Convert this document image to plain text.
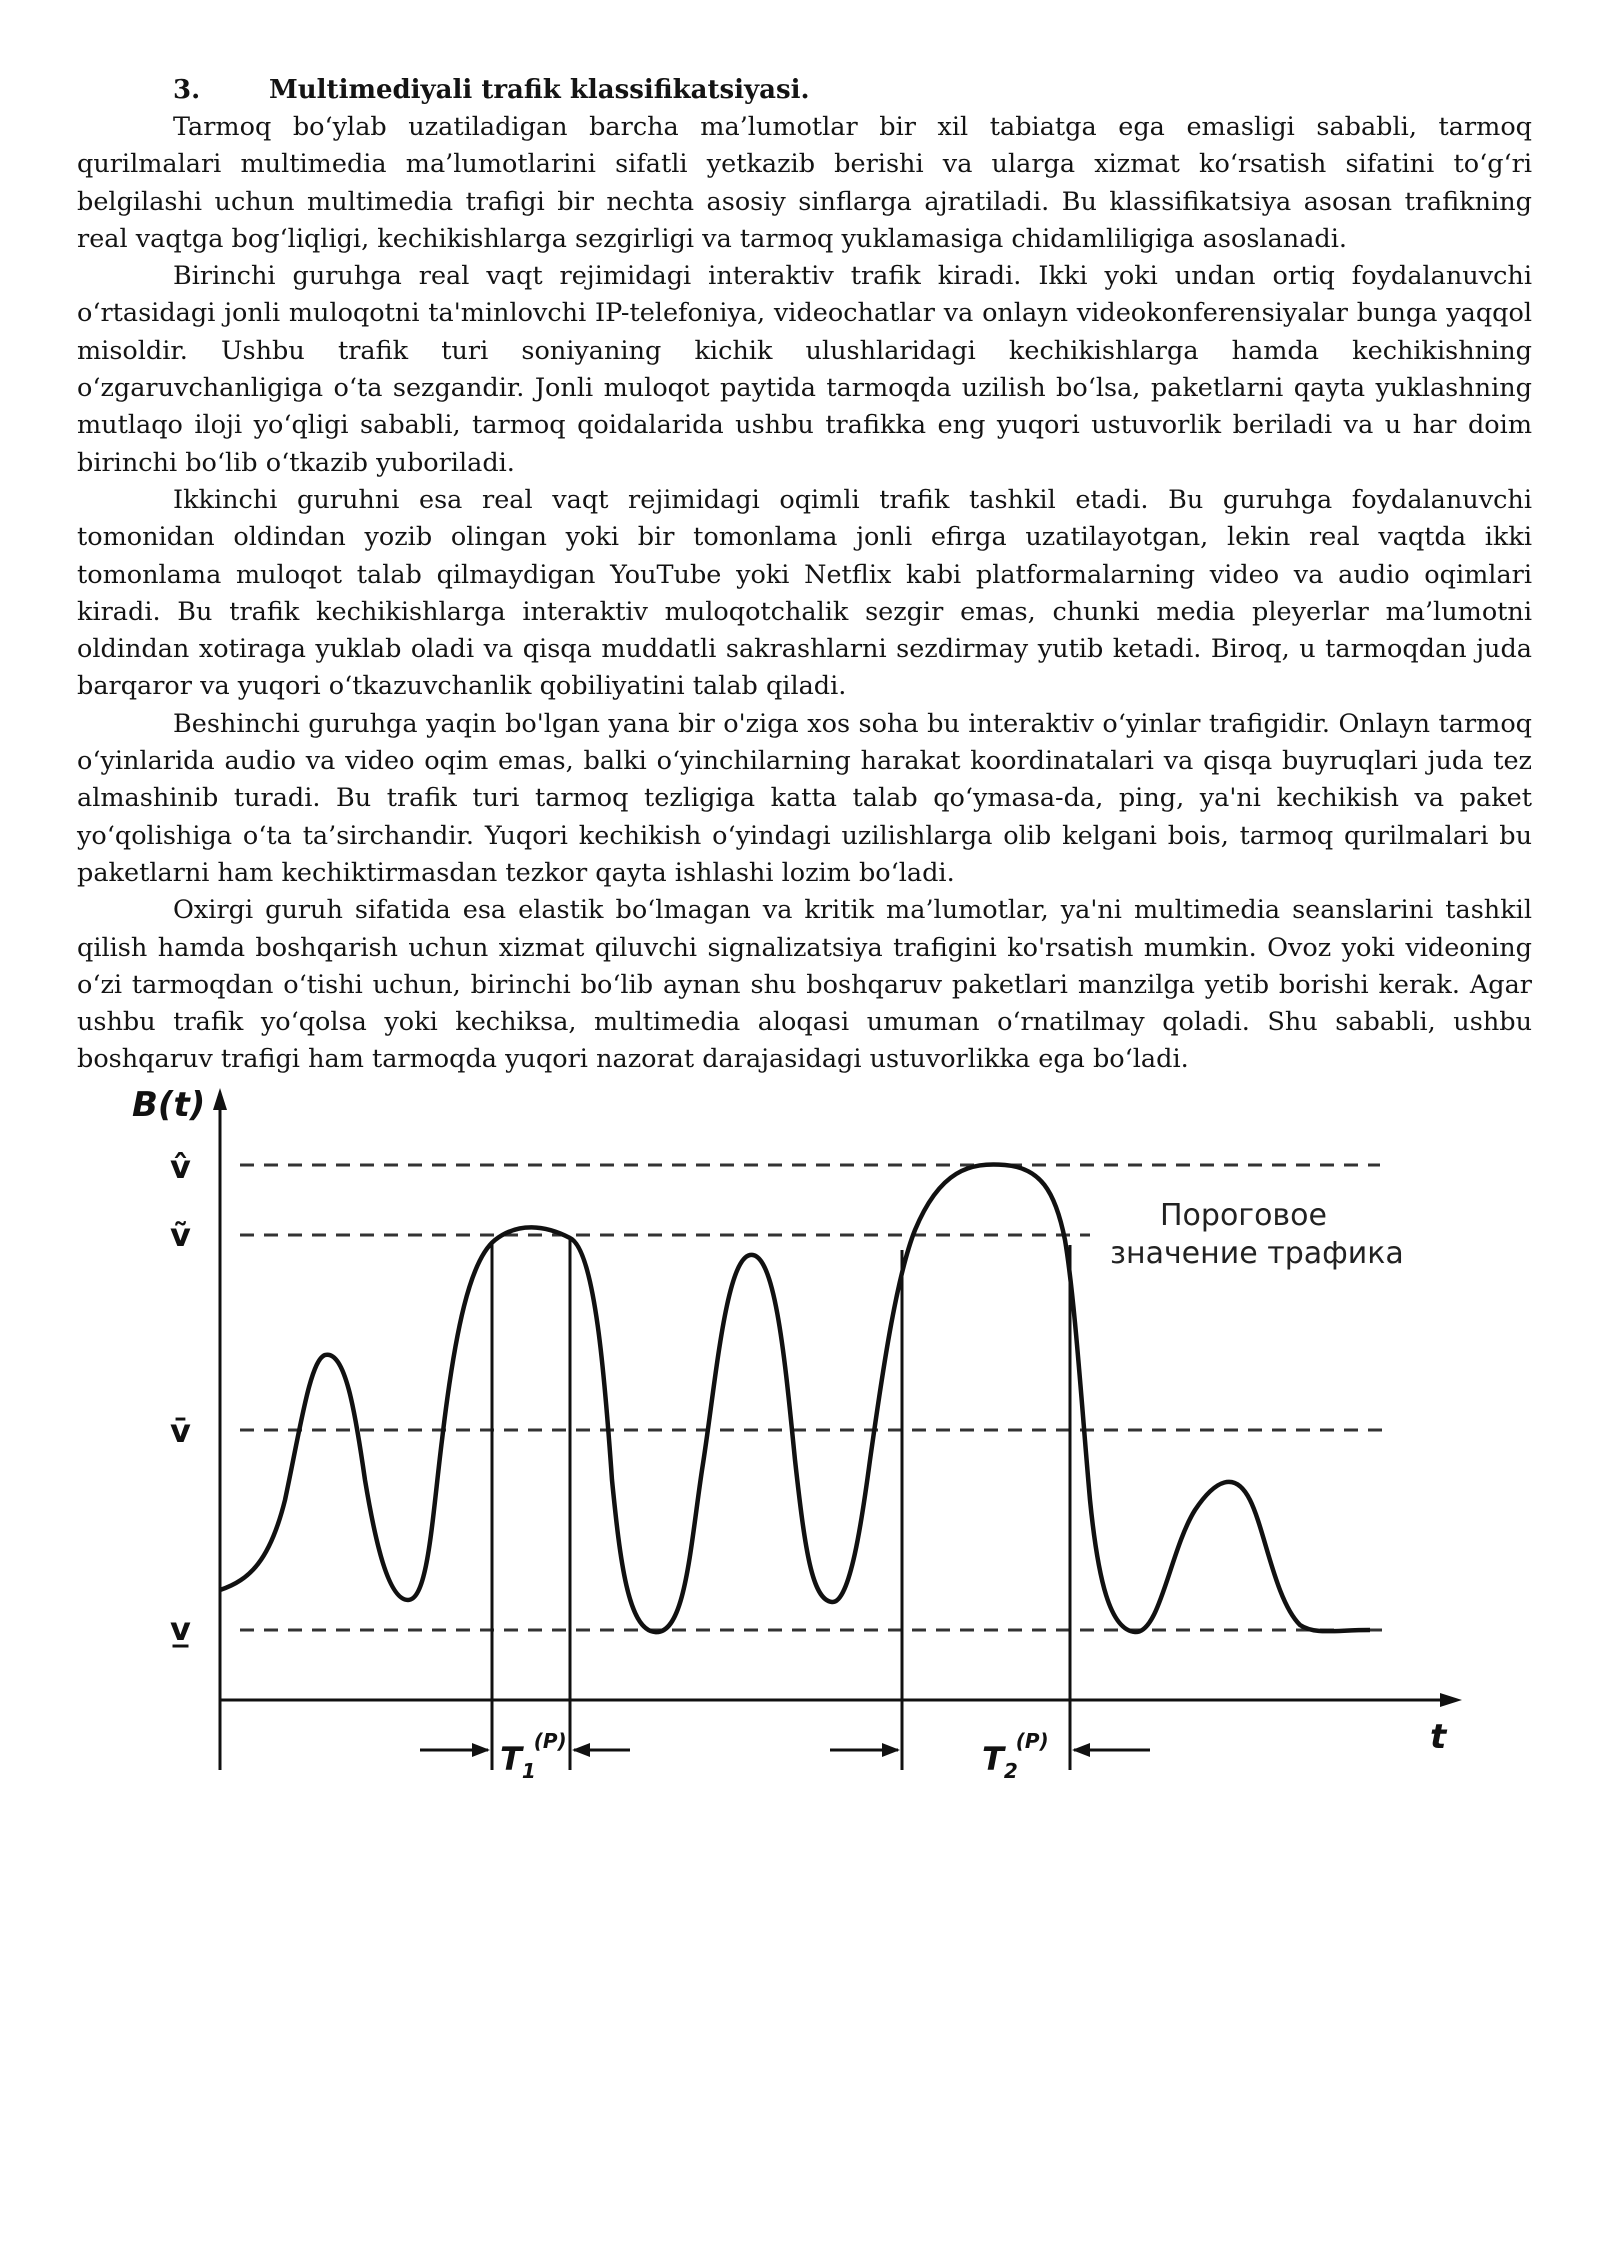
3.	Multimediyali trafik klassifikatsiyasi.

Tarmoq bo‘ylab uzatiladigan barcha ma’lumotlar bir xil tabiatga ega emasligi sababli, tarmoq qurilmalari multimedia ma’lumotlarini sifatli yetkazib berishi va ularga xizmat ko‘rsatish sifatini to‘g‘ri belgilashi uchun multimedia trafigi bir nechta asosiy sinflarga ajratiladi. Bu klassifikatsiya asosan trafikning real vaqtga bog‘liqligi, kechikishlarga sezgirligi va tarmoq yuklamasiga chidamliligiga asoslanadi.

Birinchi guruhga real vaqt rejimidagi interaktiv trafik kiradi. Ikki yoki undan ortiq foydalanuvchi o‘rtasidagi jonli muloqotni ta'minlovchi IP-telefoniya, videochatlar va onlayn videokonferensiyalar bunga yaqqol misoldir. Ushbu trafik turi soniyaning kichik ulushlaridagi kechikishlarga hamda kechikishning o‘zgaruvchanligiga o‘ta sezgandir. Jonli muloqot paytida tarmoqda uzilish bo‘lsa, paketlarni qayta yuklashning mutlaqo iloji yo‘qligi sababli, tarmoq qoidalarida ushbu trafikka eng yuqori ustuvorlik beriladi va u har doim birinchi bo‘lib o‘tkazib yuboriladi.

Ikkinchi guruhni esa real vaqt rejimidagi oqimli trafik tashkil etadi. Bu guruhga foydalanuvchi tomonidan oldindan yozib olingan yoki bir tomonlama jonli efirga uzatilayotgan, lekin real vaqtda ikki tomonlama muloqot talab qilmaydigan YouTube yoki Netflix kabi platformalarning video va audio oqimlari kiradi. Bu trafik kechikishlarga interaktiv muloqotchalik sezgir emas, chunki media pleyerlar ma’lumotni oldindan xotiraga yuklab oladi va qisqa muddatli sakrashlarni sezdirmay yutib ketadi. Biroq, u tarmoqdan juda barqaror va yuqori o‘tkazuvchanlik qobiliyatini talab qiladi.

Beshinchi guruhga yaqin bo'lgan yana bir o'ziga xos soha bu interaktiv o‘yinlar trafigidir. Onlayn tarmoq o‘yinlarida audio va video oqim emas, balki o‘yinchilarning harakat koordinatalari va qisqa buyruqlari juda tez almashinib turadi. Bu trafik turi tarmoq tezligiga katta talab qo‘ymasa-da, ping, ya'ni kechikish va paket yo‘qolishiga o‘ta ta’sirchandir. Yuqori kechikish o‘yindagi uzilishlarga olib kelgani bois, tarmoq qurilmalari bu paketlarni ham kechiktirmasdan tezkor qayta ishlashi lozim bo‘ladi.

Oxirgi guruh sifatida esa elastik bo‘lmagan va kritik ma’lumotlar, ya'ni multimedia seanslarini tashkil qilish hamda boshqarish uchun xizmat qiluvchi signalizatsiya trafigini ko'rsatish mumkin. Ovoz yoki videoning o‘zi tarmoqdan o‘tishi uchun, birinchi bo‘lib aynan shu boshqaruv paketlari manzilga yetib borishi kerak. Agar ushbu trafik yo‘qolsa yoki kechiksa, multimedia aloqasi umuman o‘rnatilmay qoladi. Shu sababli, ushbu boshqaruv trafigi ham tarmoqda yuqori nazorat darajasidagi ustuvorlikka ega bo‘ladi.

B(t)
t
v̂
ṽ
v̄
v̲
Пороговое
значение трафика
$T_1(P)$	$T_2(P)$
